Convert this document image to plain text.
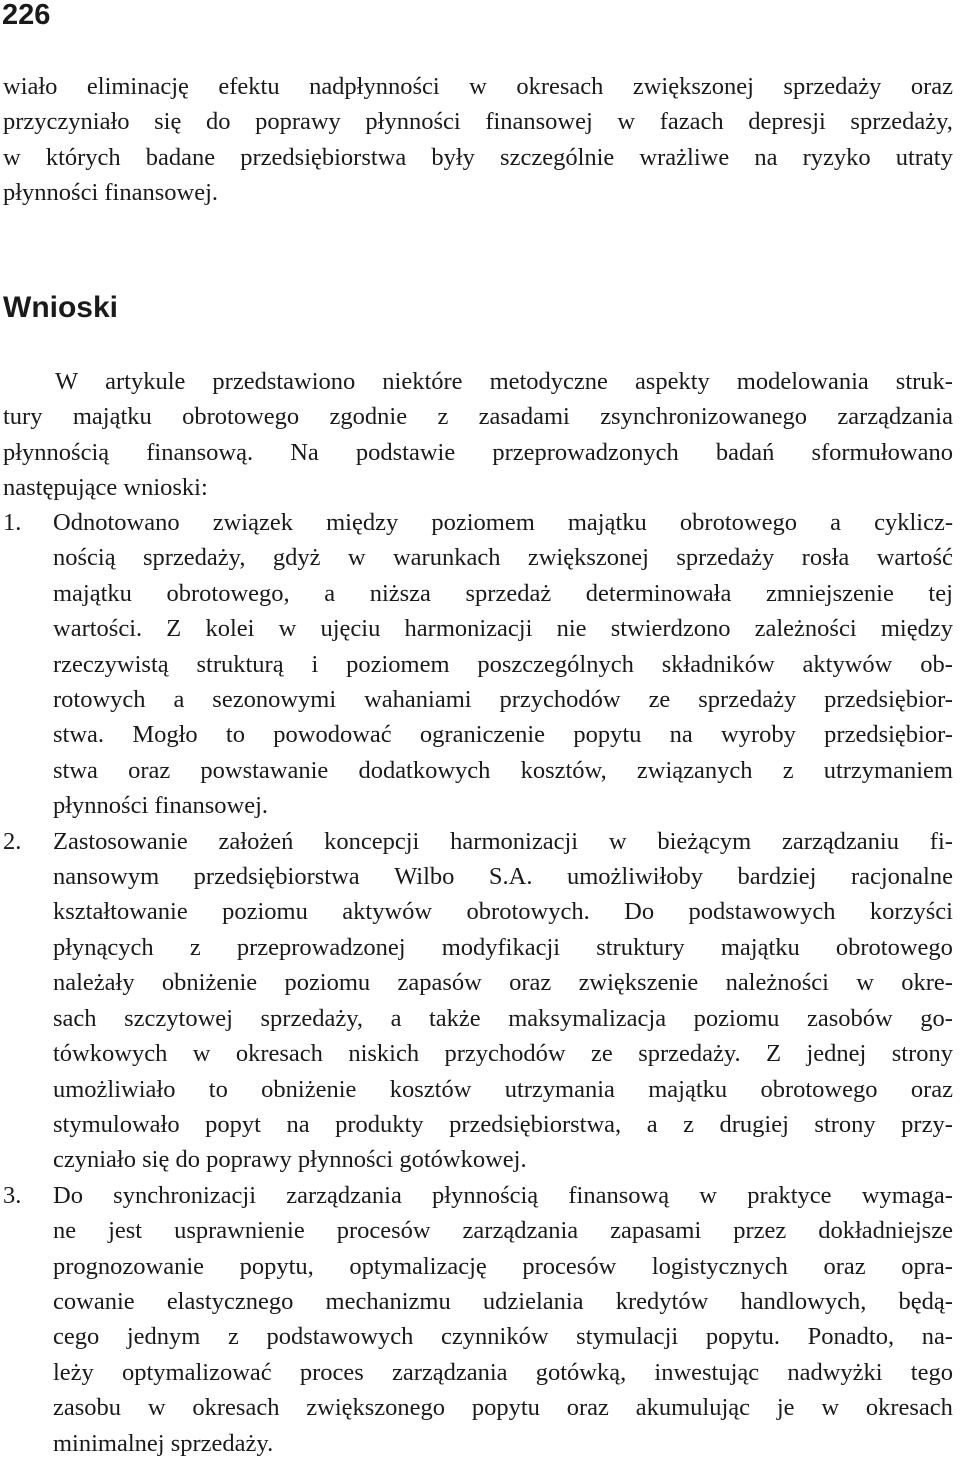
226
wiało eliminację efektu nadpłynności w okresach zwiększonej sprzedaży oraz
przyczyniało się do poprawy płynności finansowej w fazach depresji sprzedaży,
w których badane przedsiębiorstwa były szczególnie wrażliwe na ryzyko utraty
płynności finansowej.
Wnioski
W artykule przedstawiono niektóre metodyczne aspekty modelowania struk-
tury majątku obrotowego zgodnie z zasadami zsynchronizowanego zarządzania
płynnością finansową. Na podstawie przeprowadzonych badań sformułowano
następujące wnioski:
1. Odnotowano związek między poziomem majątku obrotowego a cyklicz-
nością sprzedaży, gdyż w warunkach zwiększonej sprzedaży rosła wartość
majątku obrotowego, a niższa sprzedaż determinowała zmniejszenie tej
wartości. Z kolei w ujęciu harmonizacji nie stwierdzono zależności między
rzeczywistą strukturą i poziomem poszczególnych składników aktywów ob-
rotowych a sezonowymi wahaniami przychodów ze sprzedaży przedsiębior-
stwa. Mogło to powodować ograniczenie popytu na wyroby przedsiębior-
stwa oraz powstawanie dodatkowych kosztów, związanych z utrzymaniem
płynności finansowej.
2. Zastosowanie założeń koncepcji harmonizacji w bieżącym zarządzaniu fi-
nansowym przedsiębiorstwa Wilbo S.A. umożliwiłoby bardziej racjonalne
kształtowanie poziomu aktywów obrotowych. Do podstawowych korzyści
płynących z przeprowadzonej modyfikacji struktury majątku obrotowego
należały obniżenie poziomu zapasów oraz zwiększenie należności w okre-
sach szczytowej sprzedaży, a także maksymalizacja poziomu zasobów go-
tówkowych w okresach niskich przychodów ze sprzedaży. Z jednej strony
umożliwiało to obniżenie kosztów utrzymania majątku obrotowego oraz
stymulowało popyt na produkty przedsiębiorstwa, a z drugiej strony przy-
czyniało się do poprawy płynności gotówkowej.
3. Do synchronizacji zarządzania płynnością finansową w praktyce wymaga-
ne jest usprawnienie procesów zarządzania zapasami przez dokładniejsze
prognozowanie popytu, optymalizację procesów logistycznych oraz opra-
cowanie elastycznego mechanizmu udzielania kredytów handlowych, będą-
cego jednym z podstawowych czynników stymulacji popytu. Ponadto, na-
leży optymalizować proces zarządzania gotówką, inwestując nadwyżki tego
zasobu w okresach zwiększonego popytu oraz akumulując je w okresach
minimalnej sprzedaży.
